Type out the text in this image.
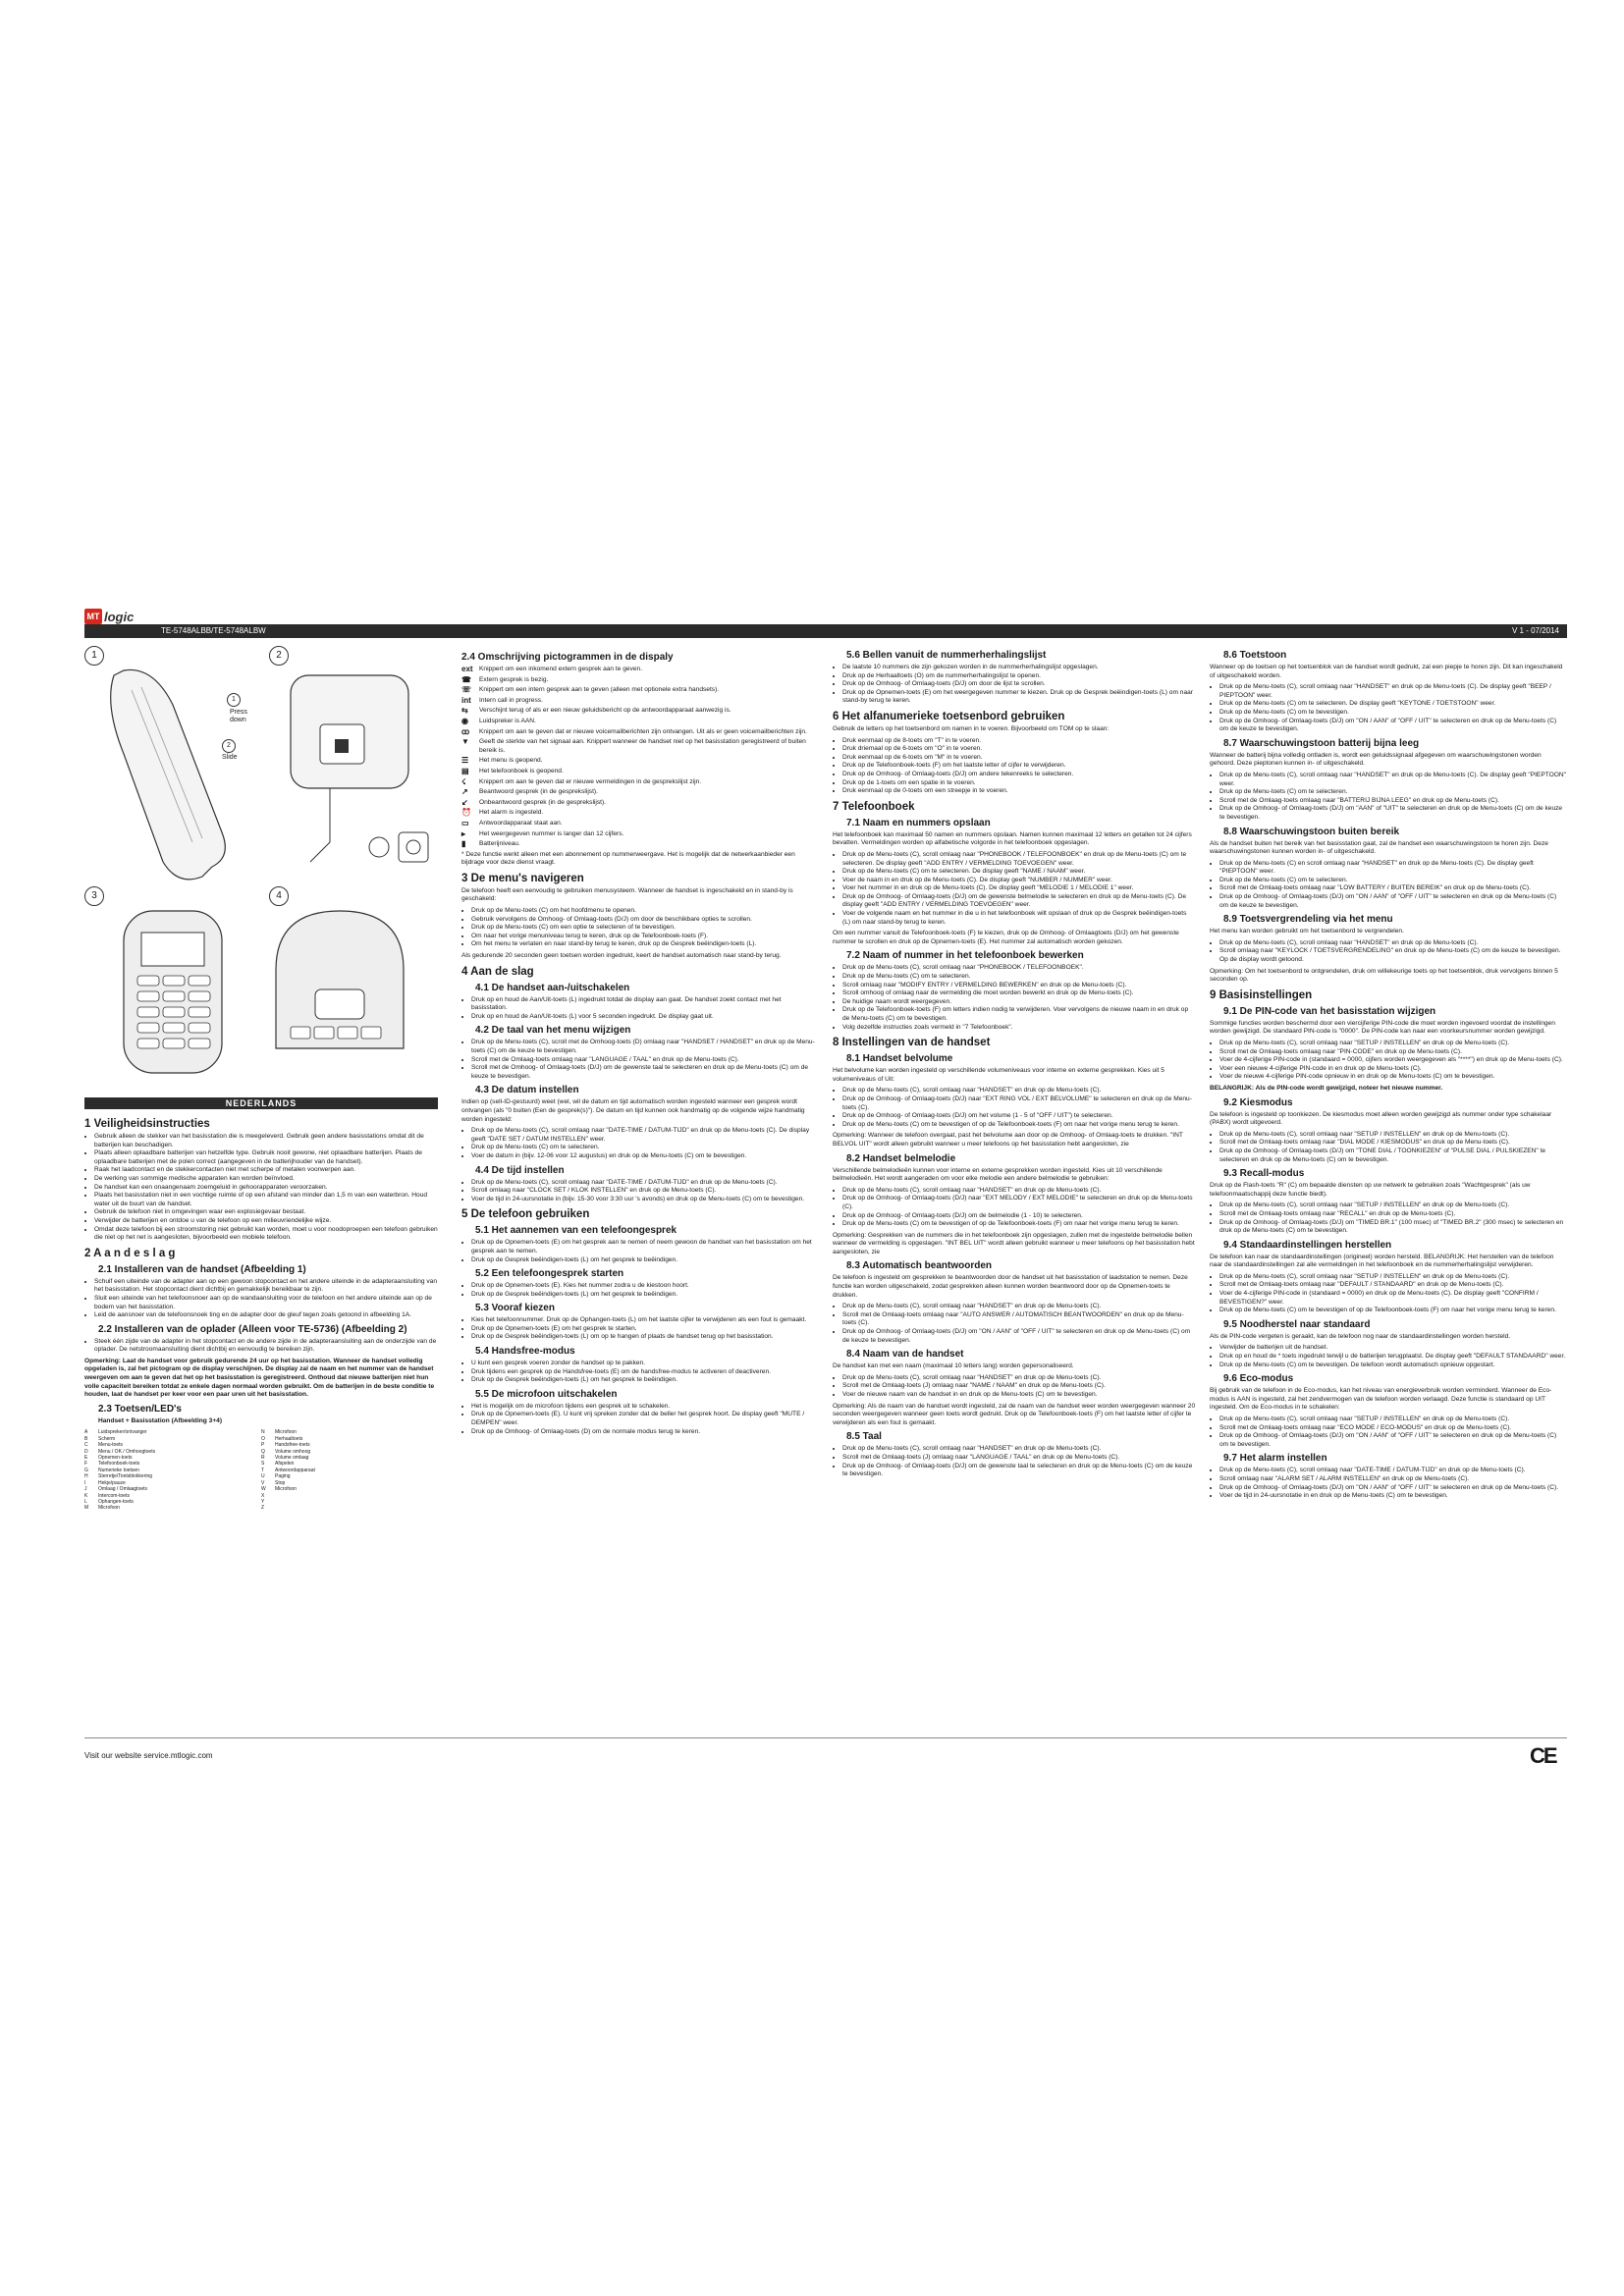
MT logic
TE-5748ALBB/TE-5748ALBW	V 1 - 07/2014
1	2
3	4
1
Press
down
2
Slide
NEDERLANDS
1 Veiligheidsinstructies
• Gebruik alleen de stekker van het basisstation die is meegeleverd. Gebruik geen andere basisstations omdat dit de batterijen kan beschadigen.
• Plaats alleen oplaadbare batterijen van hetzelfde type. Gebruik nooit gewone, niet oplaadbare batterijen. Plaats de oplaadbare batterijen met de polen correct (aangegeven in de batterijhouder van de handset).
• Raak het laadcontact en de stekkercontacten niet met scherpe of metalen voorwerpen aan.
• De werking van sommige medische apparaten kan worden beïnvloed.
• De handset kan een onaangenaam zoemgeluid in gehoorapparaten veroorzaken.
• Plaats het basisstation niet in een vochtige ruimte of op een afstand van minder dan 1,5 m van een waterbron. Houd water uit de buurt van de handset.
• Gebruik de telefoon niet in omgevingen waar een explosiegevaar bestaat.
• Verwijder de batterijen en ontdoe u van de telefoon op een milieuvriendelijke wijze.
• Omdat deze telefoon bij een stroomstoring niet gebruikt kan worden, moet u voor noodoproepen een telefoon gebruiken die niet op het net is aangesloten, bijvoorbeeld een mobiele telefoon.
2 A a n d e s l a g
2.1 Installeren van de handset (Afbeelding 1)
• Schuif een uiteinde van de adapter aan op een gewoon stopcontact en het andere uiteinde in de adapteraansluiting van het basisstation. Het stopcontact dient dichtbij en gemakkelijk bereikbaar te zijn.
• Sluit een uiteinde van het telefoonsnoer aan op de wandaansluiting voor de telefoon en het andere uiteinde aan op de bodem van het basisstation.
• Leid de aansnoer van de telefoonsnoek ting en de adapter door de gleuf tegen zoals getoond in afbeelding 1A.
2.2 Installeren van de oplader (Alleen voor TE-5736) (Afbeelding 2)
• Steek één zijde van de adapter in het stopcontact en de andere zijde in de adapteraansluiting aan de onderzijde van de oplader. De netstroomaansluiting dient dichtbij en eenvoudig te bereiken zijn.

Opmerking: Laat de handset voor gebruik gedurende 24 uur op het basisstation. Wanneer de handset volledig opgeladen is, zal het pictogram op de display verschijnen. De display zal de naam en het nummer van de handset weergeven om aan te geven dat het op het basisstation is geregistreerd. Onthoud dat nieuwe batterijen niet hun volle capaciteit bereiken totdat ze enkele dagen normaal worden gebruikt. Om de batterijen in de beste conditie te houden, laat de handset per keer voor een paar uren uit het basisstation.

2.3 Toetsen/LED's

Handset + Basisstation (Afbeelding 3+4)

A	Luidspreker/ontvanger	N	Microfoon
B	Scherm	O	Herhaaltoets
C	Menu-toets	P	Handsfree-toets
D	Menu / OK / Omhoogtoets	Q	Volume omhoog
E	Opnemen-toets	R	Volume omlaag
F	Telefoonboek-toets	S	Afspelen
G	Numerieke toetsen	T	Antwoordapparaat
H	Sterretje/Toetsblokkering	U	Paging
I	Hekje/pauze	V	Stop
J	Omlaag / Omlaagtoets	W	Microfoon
K	Intercom-toets	X
L	Ophangen-toets	Y
M	Microfoon	Z
2.4 Omschrijving pictogrammen in de dispaly
ext Knippert om een inkomend extern gesprek aan te geven.
☎	Extern gesprek is bezig.
☏	Knippert om een intern gesprek aan te geven (alleen met optionele extra handsets).
int	Intern call in progress.
⇆	Verschijnt terug of als er een nieuw geluidsbericht op de antwoordapparaat aanwezig is.
◉	Luidspreker is AAN.
ꝏ	Knippert om aan te geven dat er nieuwe voicemailberichten zijn ontvangen. Uit als er geen voicemailberichten zijn.
▼	Geeft de sterkte van het signaal aan. Knippert wanneer de handset niet op het basisstation geregistreerd of buiten bereik is.
☰	Het menu is geopend.
▤	Het telefoonboek is geopend.
☇	Knippert om aan te geven dat er nieuwe vermeldingen in de gesprekslijst zijn.
↗	Beantwoord gesprek (in de gesprekslijst).
↙	Onbeantwoord gesprek (in de gesprekslijst).
⏰	Het alarm is ingesteld.
▭	Antwoordapparaat staat aan.
▸	Het weergegeven nummer is langer dan 12 cijfers.
▮	Batterijniveau.

* Deze functie werkt alleen met een abonnement op nummerweergave. Het is mogelijk dat de netwerkaanbieder een bijdrage voor deze dienst vraagt.

3 De menu's navigeren

De telefoon heeft een eenvoudig te gebruiken menusysteem. Wanneer de handset is ingeschakeld en in stand-by is geschakeld:

• Druk op de Menu-toets (C) om het hoofdmenu te openen.
• Gebruik vervolgens de Omhoog- of Omlaag-toets (D/J) om door de beschikbare opties te scrollen.
• Druk op de Menu-toets (C) om een optie te selecteren of te bevestigen.
• Om naar het vorige menuniveau terug te keren, druk op de Telefoonboek-toets (F).
• Om het menu te verlaten en naar stand-by terug te keren, druk op de Gesprek beëindigen-toets (L).

Als gedurende 20 seconden geen toetsen worden ingedrukt, keert de handset automatisch naar stand-by terug.

4 Aan de slag
4.1 De handset aan-/uitschakelen
• Druk op en houd de Aan/Uit-toets (L) ingedrukt totdat de display aan gaat. De handset zoekt contact met het basisstation.
• Druk op en houd de Aan/Uit-toets (L) voor 5 seconden ingedrukt. De display gaat uit.
4.2 De taal van het menu wijzigen
• Druk op de Menu-toets (C), scroll met de Omhoog-toets (D) omlaag naar "HANDSET / HANDSET" en druk op de Menu-toets (C) om de keuze te bevestigen.
• Scroll met de Omlaag-toets omlaag naar "LANGUAGE / TAAL" en druk op de Menu-toets (C).
• Scroll met de Omhoog- of Omlaag-toets (D/J) om de gewenste taal te selecteren en druk op de Menu-toets (C) om de keuze te bevestigen.
4.3 De datum instellen

Indien op (sell-ID-gestuurd) weet (wel, wil de datum en tijd automatisch worden ingesteld wanneer een gesprek wordt ontvangen (als "0 buiten (Een de gesprek(s)"). De datum en tijd kunnen ook handmatig op de volgende wijze handmatig worden ingesteld:

• Druk op de Menu-toets (C), scroll omlaag naar "DATE-TIME / DATUM-TIJD" en druk op de Menu-toets (C). De display geeft "DATE SET / DATUM INSTELLEN" weer.
• Druk op de Menu-toets (C) om te selecteren.
• Voer de datum in (bijv. 12-06 voor 12 augustus) en druk op de Menu-toets (C) om te bevestigen.
4.4 De tijd instellen
• Druk op de Menu-toets (C), scroll omlaag naar "DATE-TIME / DATUM-TIJD" en druk op de Menu-toets (C).
• Scroll omlaag naar "CLOCK SET / KLOK INSTELLEN" en druk op de Menu-toets (C).
• Voer de tijd in 24-uursnotatie in (bijv. 15-30 voor 3:30 uur 's avonds) en druk op de Menu-toets (C) om te bevestigen.
5 De telefoon gebruiken
5.1 Het aannemen van een telefoongesprek
• Druk op de Opnemen-toets (E) om het gesprek aan te nemen of neem gewoon de handset van het basisstation om het gesprek aan te nemen.
• Druk op de Gesprek beëindigen-toets (L) om het gesprek te beëindigen.
5.2 Een telefoongesprek starten
• Druk op de Opnemen-toets (E). Kies het nummer zodra u de kiestoon hoort.
• Druk op de Gesprek beëindigen-toets (L) om het gesprek te beëindigen.
5.3 Vooraf kiezen
• Kies het telefoonnummer. Druk op de Ophangen-toets (L) om het laatste cijfer te verwijderen als een fout is gemaakt.
• Druk op de Opnemen-toets (E) om het gesprek te starten.
• Druk op de Gesprek beëindigen-toets (L) om op te hangen of plaats de handset terug op het basisstation.
5.4 Handsfree-modus
• U kunt een gesprek voeren zonder de handset op te pakken.
• Druk tijdens een gesprek op de Handsfree-toets (E) om de handsfree-modus te activeren of deactiveren.
• Druk op de Gesprek beëindigen-toets (L) om het gesprek te beëindigen.
5.5 De microfoon uitschakelen
• Het is mogelijk om de microfoon tijdens een gesprek uit te schakelen.
• Druk op de Opnemen-toets (E). U kunt vrij spreken zonder dat de beller het gesprek hoort. De display geeft "MUTE / DEMPEN" weer.
• Druk op de Omhoog- of Omlaag-toets (D) om de normale modus terug te keren.
5.6 Bellen vanuit de nummerherhalingslijst
• De laatste 10 nummers die zijn gekozen worden in de nummerherhalingslijst opgeslagen.
• Druk op de Herhaaltoets (O) om de nummerherhalingslijst te openen.
• Druk op de Omhoog- of Omlaag-toets (D/J) om door de lijst te scrollen.
• Druk op de Opnemen-toets (E) om het weergegeven nummer te kiezen. Druk op de Gesprek beëindigen-toets (L) om naar stand-by terug te keren.
6 Het alfanumerieke toetsenbord gebruiken

Gebruik de letters op het toetsenbord om namen in te voeren. Bijvoorbeeld om TOM op te slaan:

• Druk eenmaal op de 8-toets om "T" in te voeren.
• Druk driemaal op de 6-toets om "O" in te voeren.
• Druk eenmaal op de 6-toets om "M" in te voeren.
• Druk op de Telefoonboek-toets (F) om het laatste letter of cijfer te verwijderen.
• Druk op de Omhoog- of Omlaag-toets (D/J) om andere tekenreeks te selecteren.
• Druk op de 1-toets om een spatie in te voeren.
• Druk eenmaal op de 0-toets om een streepje in te voeren.
7 Telefoonboek
7.1 Naam en nummers opslaan

Het telefoonboek kan maximaal 50 namen en nummers opslaan. Namen kunnen maximaal 12 letters en getallen tot 24 cijfers bevatten. Vermeldingen worden op alfabetische volgorde in het telefoonboek opgeslagen.

• Druk op de Menu-toets (C), scroll omlaag naar "PHONEBOOK / TELEFOONBOEK" en druk op de Menu-toets (C) om te selecteren. De display geeft "ADD ENTRY / VERMELDING TOEVOEGEN" weer.
• Druk op de Menu-toets (C) om te selecteren. De display geeft "NAME / NAAM" weer.
• Voer de naam in en druk op de Menu-toets (C). De display geeft "NUMBER / NUMMER" weer.
• Voer het nummer in en druk op de Menu-toets (C). De display geeft "MELODIE 1 / MELODIE 1" weer.
• Druk op de Omhoog- of Omlaag-toets (D/J) om de gewenste belmelodie te selecteren en druk op de Menu-toets (C). De display geeft "ADD ENTRY / VERMELDING TOEVOEGEN" weer.
• Voer de volgende naam en het nummer in die u in het telefoonboek wilt opslaan of druk op de Gesprek beëindigen-toets (L) om naar stand-by terug te keren.

Om een nummer vanuit de Telefoonboek-toets (F) te kiezen, druk op de Omhoog- of Omlaagtoets (D/J) om het gewenste nummer te scrollen en druk op de Opnemen-toets (E). Het nummer zal automatisch worden gekozen.

7.2 Naam of nummer in het telefoonboek bewerken
• Druk op de Menu-toets (C), scroll omlaag naar "PHONEBOOK / TELEFOONBOEK".
• Druk op de Menu-toets (C) om te selecteren.
• Scroll omlaag naar "MODIFY ENTRY / VERMELDING BEWERKEN" en druk op de Menu-toets (C).
• Scroll omhoog of omlaag naar de vermelding die moet worden bewerkt en druk op de Menu-toets (C).
• De huidige naam wordt weergegeven.
• Druk op de Telefoonboek-toets (F) om letters indien nodig te verwijderen. Voer vervolgens de nieuwe naam in en druk op de Menu-toets (C) om te bevestigen.
• Volg dezelfde instructies zoals vermeld in "7 Telefoonboek".
8 Instellingen van de handset
8.1 Handset belvolume

Het belvolume kan worden ingesteld op verschillende volumeniveaus voor interne en externe gesprekken. Kies uit 5 volumeniveaus of Uit:

• Druk op de Menu-toets (C), scroll omlaag naar "HANDSET" en druk op de Menu-toets (C).
• Druk op de Omhoog- of Omlaag-toets (D/J) naar "EXT RING VOL / EXT BELVOLUME" te selecteren en druk op de Menu-toets (C).
• Druk op de Omhoog- of Omlaag-toets (D/J) om het volume (1 - 5 of "OFF / UIT") te selecteren.
• Druk op de Menu-toets (C) om te bevestigen of op de Telefoonboek-toets (F) om naar het vorige menu terug te keren.

Opmerking: Wanneer de telefoon overgaat, past het belvolume aan door op de Omhoog- of Omlaag-toets te drukken. "INT BELVOL UIT" wordt alleen gebruikt wanneer u meer telefoons op het basisstation hebt aangesloten, zie

8.2 Handset belmelodie

Verschillende belmelodieën kunnen voor interne en externe gesprekken worden ingesteld. Kies uit 10 verschillende belmelodieën. Het wordt aangeraden om voor elke melodie een andere belmelodie te gebruiken:

• Druk op de Menu-toets (C), scroll omlaag naar "HANDSET" en druk op de Menu-toets (C).
• Druk op de Omhoog- of Omlaag-toets (D/J) naar "EXT MELODY / EXT MELODIE" te selecteren en druk op de Menu-toets (C).
• Druk op de Omhoog- of Omlaag-toets (D/J) om de belmelodie (1 - 10) te selecteren.
• Druk op de Menu-toets (C) om te bevestigen of op de Telefoonboek-toets (F) om naar het vorige menu terug te keren.

Opmerking: Gesprekken van de nummers die in het telefoonboek zijn opgeslagen, zullen met de ingestelde belmelodie bellen wanneer de vermelding is opgeslagen. "INT BEL UIT" wordt alleen gebruikt wanneer u meer telefoons op het basisstation hebt aangesloten, zie

8.3 Automatisch beantwoorden

De telefoon is ingesteld om gesprekken te beantwoorden door de handset uit het basisstation of laadstation te nemen. Deze functie kan worden uitgeschakeld, zodat gesprekken alleen kunnen worden beantwoord door op de Opnemen-toets te drukken.

• Druk op de Menu-toets (C), scroll omlaag naar "HANDSET" en druk op de Menu-toets (C).
• Scroll met de Omlaag-toets omlaag naar "AUTO ANSWER / AUTOMATISCH BEANTWOORDEN" en druk op de Menu-toets (C).
• Druk op de Omhoog- of Omlaag-toets (D/J) om "ON / AAN" of "OFF / UIT" te selecteren en druk op de Menu-toets (C) om de keuze te bevestigen.
8.4 Naam van de handset

De handset kan met een naam (maximaal 10 letters lang) worden gepersonaliseerd.

• Druk op de Menu-toets (C), scroll omlaag naar "HANDSET" en druk op de Menu-toets (C).
• Scroll met de Omlaag-toets (J) omlaag naar "NAME / NAAM" en druk op de Menu-toets (C).
• Voer de nieuwe naam van de handset in en druk op de Menu-toets (C) om te bevestigen.

Opmerking: Als de naam van de handset wordt ingesteld, zal de naam van de handset weer worden weergegeven wanneer 20 seconden weergegeven wanneer geen toets wordt gedrukt. Druk op de Telefoonboek-toets (F) om het laatste letter of cijfer te verwijderen als een fout is gemaakt.

8.5 Taal
• Druk op de Menu-toets (C), scroll omlaag naar "HANDSET" en druk op de Menu-toets (C).
• Scroll met de Omlaag-toets (J) omlaag naar "LANGUAGE / TAAL" en druk op de Menu-toets (C).
• Druk op de Omhoog- of Omlaag-toets (D/J) om de gewenste taal te selecteren en druk op de Menu-toets (C) om de keuze te bevestigen.
8.6 Toetstoon

Wanneer op de toetsen op het toetsenblok van de handset wordt gedrukt, zal een piepje te horen zijn. Dit kan ingeschakeld of uitgeschakeld worden.

• Druk op de Menu-toets (C), scroll omlaag naar "HANDSET" en druk op de Menu-toets (C). De display geeft "BEEP / PIEPTOON" weer.
• Druk op de Menu-toets (C) om te selecteren. De display geeft "KEYTONE / TOETSTOON" weer.
• Druk op de Menu-toets (C) om te bevestigen.
• Druk op de Omhoog- of Omlaag-toets (D/J) om "ON / AAN" of "OFF / UIT" te selecteren en druk op de Menu-toets (C) om de keuze te bevestigen.
8.7 Waarschuwingstoon batterij bijna leeg

Wanneer de batterij bijna volledig ontladen is, wordt een geluidssignaal afgegeven om waarschuwingstonen worden gehoord. Deze pieptonen kunnen in- of uitgeschakeld.

• Druk op de Menu-toets (C), scroll omlaag naar "HANDSET" en druk op de Menu-toets (C). De display geeft "PIEPTOON" weer.
• Druk op de Menu-toets (C) om te selecteren.
• Scroll met de Omlaag-toets omlaag naar "BATTERIJ BIJNA LEEG" en druk op de Menu-toets (C).
• Druk op de Omhoog- of Omlaag-toets (D/J) om "AAN" of "UIT" te selecteren en druk op de Menu-toets (C) om de keuze te bevestigen.
8.8 Waarschuwingstoon buiten bereik

Als de handset buiten het bereik van het basisstation gaat, zal de handset een waarschuwingstoon te horen zijn. Deze waarschuwingstonen kunnen worden in- of uitgeschakeld.

• Druk op de Menu-toets (C) en scroll omlaag naar "HANDSET" en druk op de Menu-toets (C). De display geeft "PIEPTOON" weer.
• Druk op de Menu-toets (C) om te selecteren.
• Scroll met de Omlaag-toets omlaag naar "LOW BATTERY / BUITEN BEREIK" en druk op de Menu-toets (C).
• Druk op de Omhoog- of Omlaag-toets (D/J) om "ON / AAN" of "OFF / UIT" te selecteren en druk op de Menu-toets (C) om de keuze te bevestigen.
8.9 Toetsvergrendeling via het menu

Het menu kan worden gebruikt om het toetsenbord te vergrendelen.

• Druk op de Menu-toets (C), scroll omlaag naar "HANDSET" en druk op de Menu-toets (C).
• Scroll omlaag naar "KEYLOCK / TOETSVERGRENDELING" en druk op de Menu-toets (C) om de keuze te bevestigen. Op de display wordt getoond.

Opmerking: Om het toetsenbord te ontgrendelen, druk om willekeurige toets op het toetsenblok, druk vervolgens binnen 5 seconden op.

9 Basisinstellingen
9.1 De PIN-code van het basisstation wijzigen

Sommige functies worden beschermd door een viercijferige PIN-code die moet worden ingevoerd voordat de instellingen worden gewijzigd. De standaard PIN-code is "0000". De PIN-code kan naar een voorkeursnummer worden gewijzigd.

• Druk op de Menu-toets (C), scroll omlaag naar "SETUP / INSTELLEN" en druk op de Menu-toets (C).
• Scroll met de Omlaag-toets omlaag naar "PIN-CODE" en druk op de Menu-toets (C).
• Voer de 4-cijferige PIN-code in (standaard = 0000, cijfers worden weergegeven als "****") en druk op de Menu-toets (C).
• Voer een nieuwe 4-cijferige PIN-code in en druk op de Menu-toets (C).
• Voer de nieuwe 4-cijferige PIN-code opnieuw in en druk op de Menu-toets (C) om te bevestigen.

BELANGRIJK: Als de PIN-code wordt gewijzigd, noteer het nieuwe nummer.

9.2 Kiesmodus

De telefoon is ingesteld op toonkiezen. De kiesmodus moet alleen worden gewijzigd als nummer onder type schakelaar (PABX) wordt uitgevoerd.

• Druk op de Menu-toets (C), scroll omlaag naar "SETUP / INSTELLEN" en druk op de Menu-toets (C).
• Scroll met de Omlaag-toets omlaag naar "DIAL MODE / KIESMODUS" en druk op de Menu-toets (C).
• Druk op de Omhoog- of Omlaag-toets (D/J) om "TONE DIAL / TOONKIEZEN" of "PULSE DIAL / PULSKIEZEN" te selecteren en druk op de Menu-toets (C) om te bevestigen.
9.3 Recall-modus

Druk op de Flash-toets "R" (C) om bepaalde diensten op uw netwerk te gebruiken zoals "Wachtgesprek" (als uw telefoonmaatschappij deze functie biedt).

• Druk op de Menu-toets (C), scroll omlaag naar "SETUP / INSTELLEN" en druk op de Menu-toets (C).
• Scroll met de Omlaag-toets omlaag naar "RECALL" en druk op de Menu-toets (C).
• Druk op de Omhoog- of Omlaag-toets (D/J) om "TIMED BR.1" (100 msec) of "TIMED BR.2" (300 msec) te selecteren en druk op de Menu-toets (C) om te bevestigen.
9.4 Standaardinstellingen herstellen

De telefoon kan naar de standaardinstellingen (origineel) worden hersteld. BELANGRIJK: Het herstellen van de telefoon naar de standaardinstellingen zal alle vermeldingen in het telefoonboek en de nummerherhalingslijst verwijderen.

• Druk op de Menu-toets (C), scroll omlaag naar "SETUP / INSTELLEN" en druk op de Menu-toets (C).
• Scroll met de Omlaag-toets omlaag naar "DEFAULT / STANDAARD" en druk op de Menu-toets (C).
• Voer de 4-cijferige PIN-code in (standaard = 0000) en druk op de Menu-toets (C). De display geeft "CONFIRM / BEVESTIGEN?" weer.
• Druk op de Menu-toets (C) om te bevestigen of op de Telefoonboek-toets (F) om naar het vorige menu terug te keren.
9.5 Noodherstel naar standaard

Als de PIN-code vergeten is geraakt, kan de telefoon nog naar de standaardinstellingen worden hersteld.

• Verwijder de batterijen uit de handset.
• Druk op en houd de * toets ingedrukt terwijl u de batterijen terugplaatst. De display geeft "DEFAULT STANDAARD" weer.
• Druk op de Menu-toets (C) om te bevestigen. De telefoon wordt automatisch opnieuw opgestart.
9.6 Eco-modus

Bij gebruik van de telefoon in de Eco-modus, kan het niveau van energieverbruik worden verminderd. Wanneer de Eco-modus is AAN is ingesteld, zal het zendvermogen van de telefoon worden verlaagd. Deze functie is standaard op UIT ingesteld. Om de Eco-modus in te schakelen:

• Druk op de Menu-toets (C), scroll omlaag naar "SETUP / INSTELLEN" en druk op de Menu-toets (C).
• Scroll met de Omlaag-toets omlaag naar "ECO MODE / ECO-MODUS" en druk op de Menu-toets (C).
• Druk op de Omhoog- of Omlaag-toets (D/J) om "ON / AAN" of "OFF / UIT" te selecteren en druk op de Menu-toets (C) om te bevestigen.
9.7 Het alarm instellen
• Druk op de Menu-toets (C), scroll omlaag naar "DATE-TIME / DATUM-TIJD" en druk op de Menu-toets (C).
• Scroll omlaag naar "ALARM SET / ALARM INSTELLEN" en druk op de Menu-toets (C).
• Druk op de Omhoog- of Omlaag-toets (D/J) om "ON / AAN" of "OFF / UIT" te selecteren en druk op de Menu-toets (C).
• Voer de tijd in 24-uursnotatie in en druk op de Menu-toets (C) om te bevestigen.
Visit our website service.mtlogic.com	CE
